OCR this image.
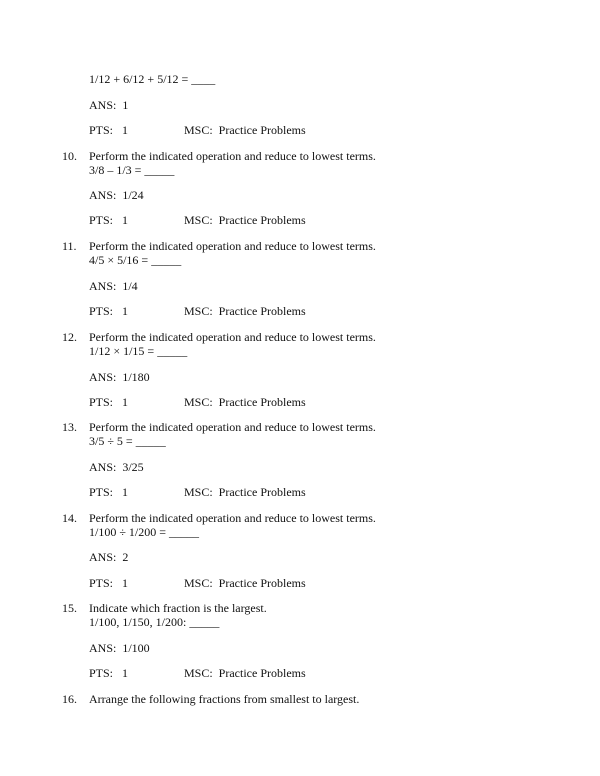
1/12 + 6/12 + 5/12 = ____
ANS:  1
PTS:   1	MSC:  Practice Problems
10. Perform the indicated operation and reduce to lowest terms.
3/8 – 1/3 = _____
ANS:  1/24
PTS:   1	MSC:  Practice Problems
11. Perform the indicated operation and reduce to lowest terms.
4/5 × 5/16 = _____
ANS:  1/4
PTS:   1	MSC:  Practice Problems
12. Perform the indicated operation and reduce to lowest terms.
1/12 × 1/15 = _____
ANS:  1/180
PTS:   1	MSC:  Practice Problems
13. Perform the indicated operation and reduce to lowest terms.
3/5 ÷ 5 = _____
ANS:  3/25
PTS:   1	MSC:  Practice Problems
14. Perform the indicated operation and reduce to lowest terms.
1/100 ÷ 1/200 = _____
ANS:  2
PTS:   1	MSC:  Practice Problems
15. Indicate which fraction is the largest.
1/100, 1/150, 1/200: _____
ANS:  1/100
PTS:   1	MSC:  Practice Problems
16. Arrange the following fractions from smallest to largest.
